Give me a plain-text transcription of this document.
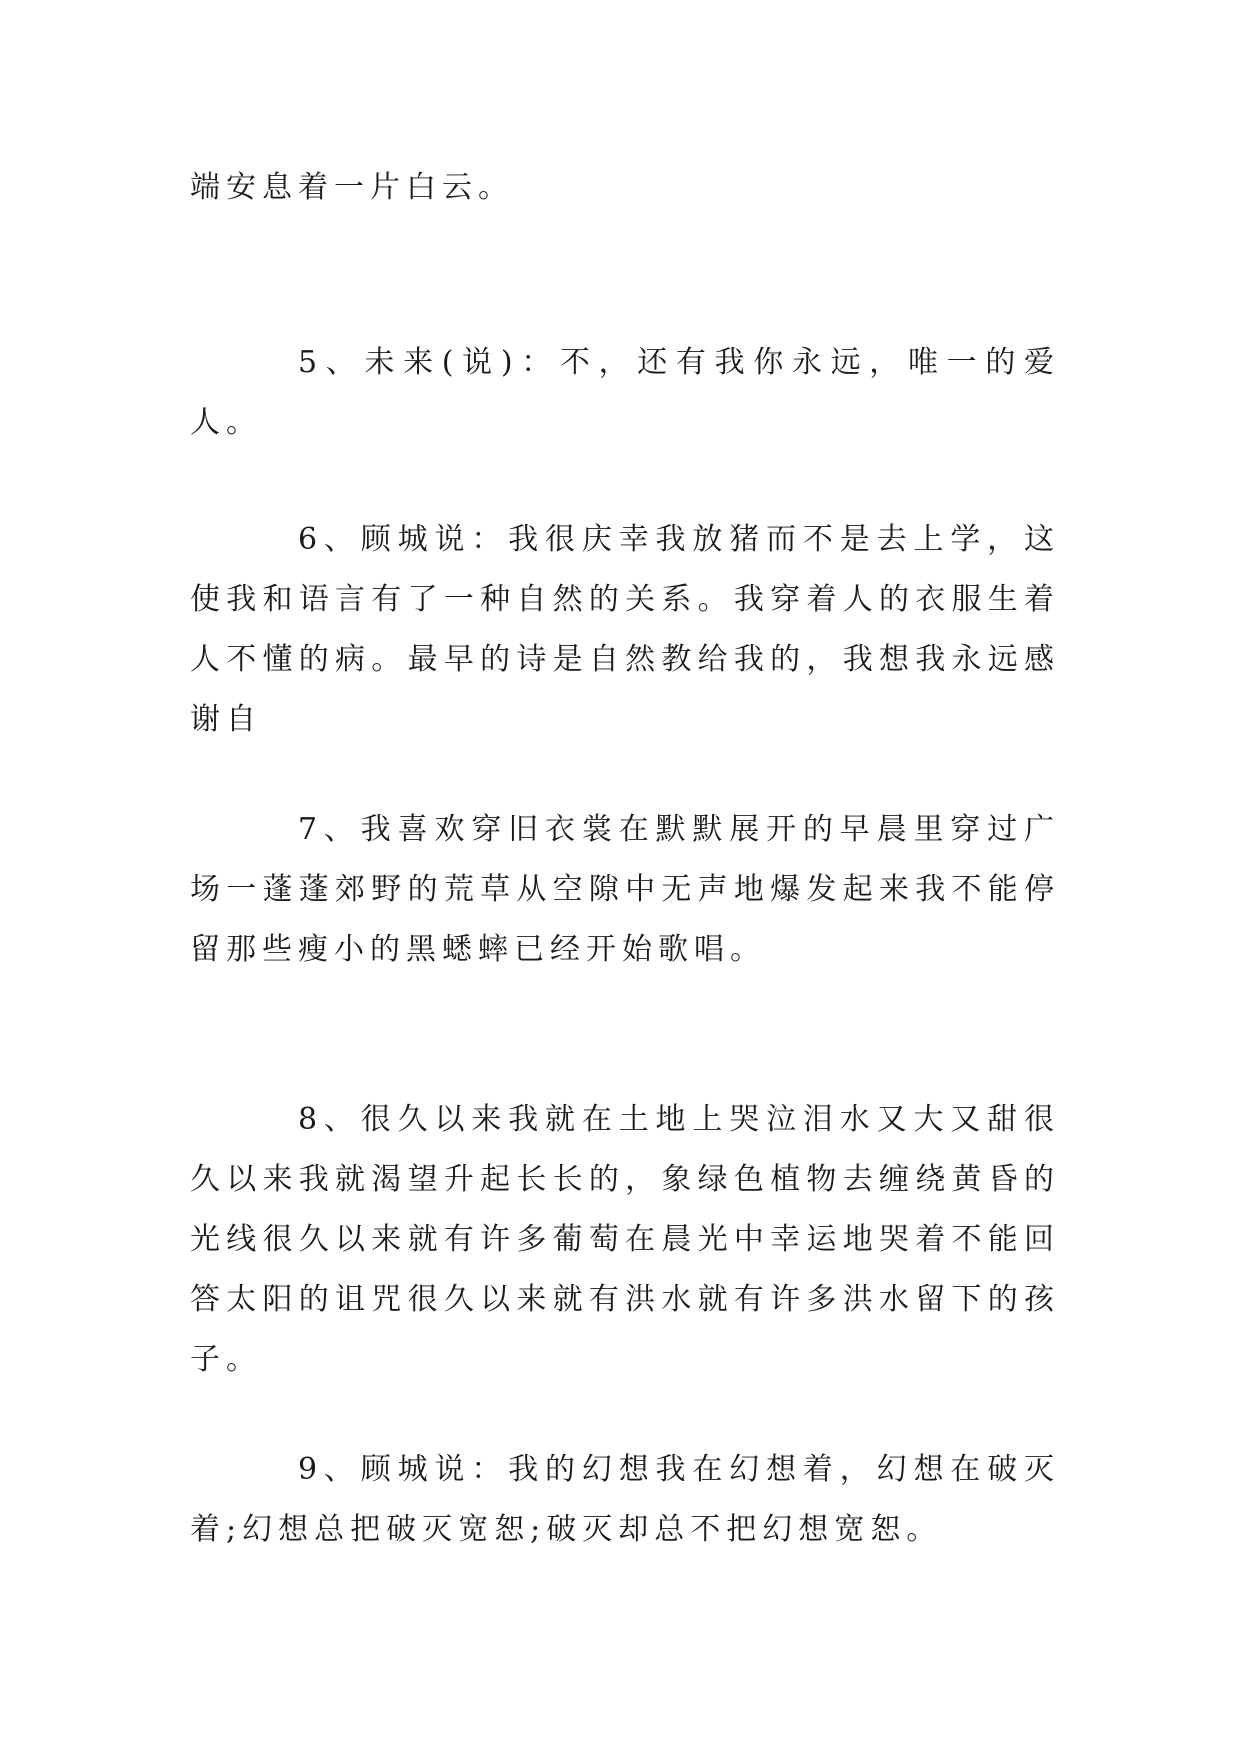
端安息着一片白云。

5、未来(说)：不，还有我你永远，唯一的爱人。

6、顾城说：我很庆幸我放猪而不是去上学，这使我和语言有了一种自然的关系。我穿着人的衣服生着人不懂的病。最早的诗是自然教给我的，我想我永远感谢自

7、我喜欢穿旧衣裳在默默展开的早晨里穿过广场一蓬蓬郊野的荒草从空隙中无声地爆发起来我不能停留那些瘦小的黑蟋蟀已经开始歌唱。

8、很久以来我就在土地上哭泣泪水又大又甜很久以来我就渴望升起长长的，象绿色植物去缠绕黄昏的光线很久以来就有许多葡萄在晨光中幸运地哭着不能回答太阳的诅咒很久以来就有洪水就有许多洪水留下的孩子。

9、顾城说：我的幻想我在幻想着，幻想在破灭着;幻想总把破灭宽恕;破灭却总不把幻想宽恕。
